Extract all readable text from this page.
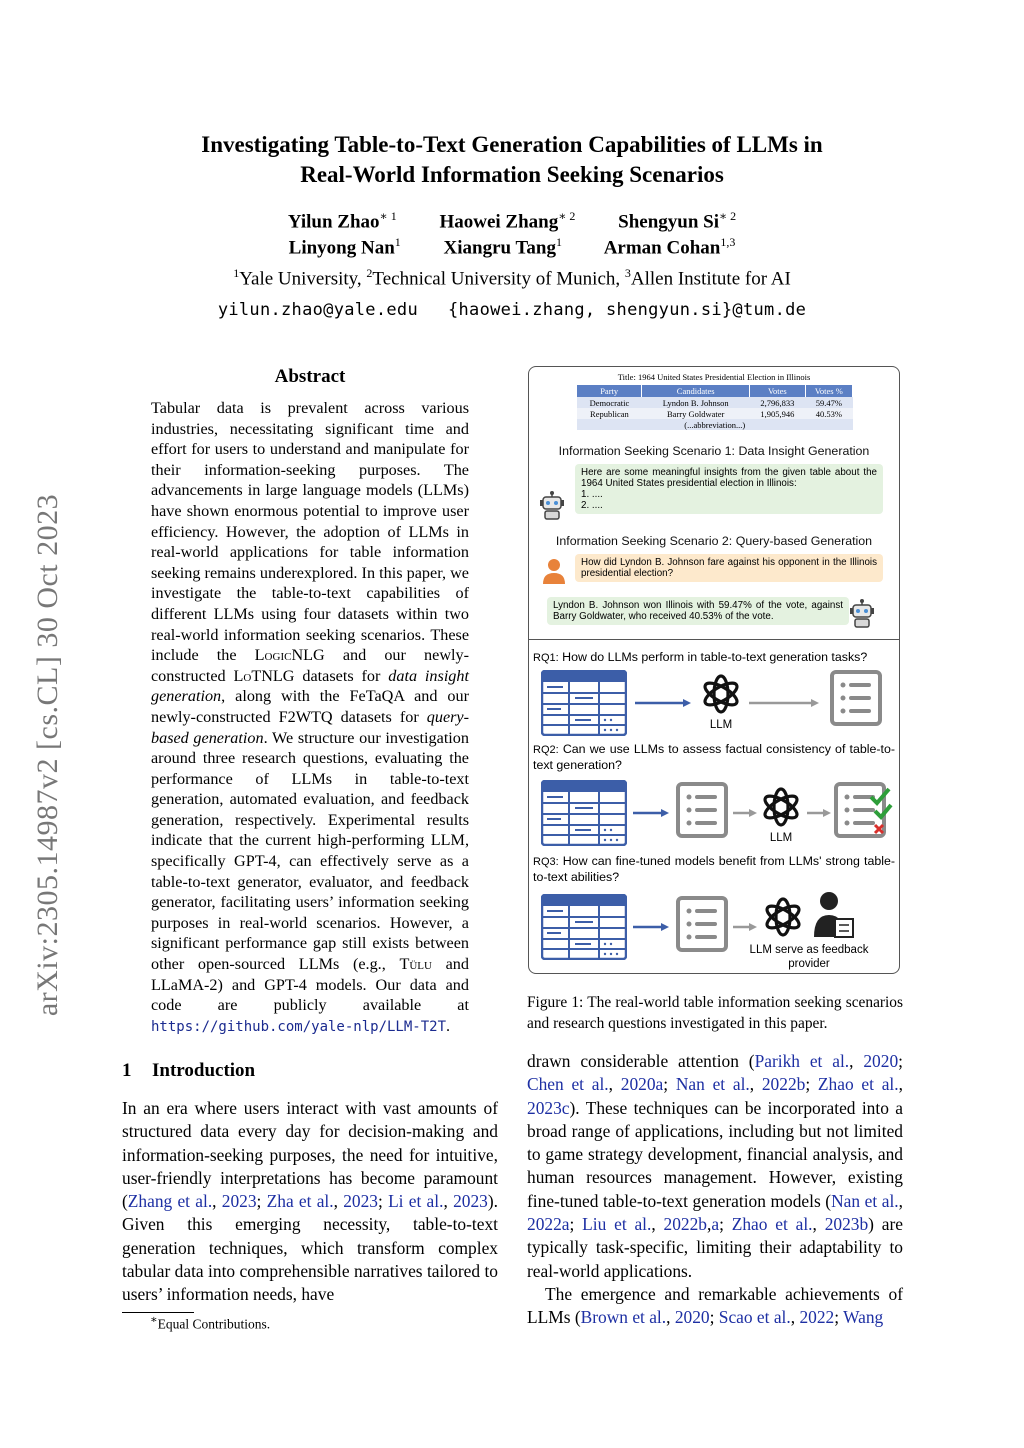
arXiv:2305.14987v2 [cs.CL] 30 Oct 2023
Investigating Table-to-Text Generation Capabilities of LLMs in
Real-World Information Seeking Scenarios
Yilun Zhao$^{∗ 1}$ Haowei Zhang$^{∗ 2}$ Shengyun $Si^{∗ 2}$
Linyong Nan$^1$ Xiangru Tang$^1$ Arman Cohan$^{1,3}$
$^1$Yale University, $^2$Technical University of Munich, $^3$Allen Institute for AI
yilun.zhao@yale.edu {haowei.zhang, shengyun.si}@tum.de
Abstract
Tabular data is prevalent across various industries, necessitating significant time and effort for users to understand and manipulate for their information-seeking purposes. The advancements in large language models (LLMs) have shown enormous potential to improve user efficiency. However, the adoption of LLMs in real-world applications for table information seeking remains underexplored. In this paper, we investigate the table-to-text capabilities of different LLMs using four datasets within two real-world information seeking scenarios. These include the LogicNLG and our newly-constructed LoTNLG datasets for data insight generation, along with the FeTaQA and our newly-constructed F2WTQ datasets for query-based generation. We structure our investigation around three research questions, evaluating the performance of LLMs in table-to-text generation, automated evaluation, and feedback generation, respectively. Experimental results indicate that the current high-performing LLM, specifically GPT-4, can effectively serve as a table-to-text generator, evaluator, and feedback generator, facilitating users’ information seeking purposes in real-world scenarios. However, a significant performance gap still exists between other open-sourced LLMs (e.g., Tülu and LLaMA-2) and GPT-4 models. Our data and code are publicly available at https://github.com/yale-nlp/LLM-T2T.
1 Introduction
In an era where users interact with vast amounts of structured data every day for decision-making and information-seeking purposes, the need for intuitive, user-friendly interpretations has become paramount (Zhang et al., 2023; Zha et al., 2023; Li et al., 2023). Given this emerging necessity, table-to-text generation techniques, which transform complex tabular data into comprehensible narratives tailored to users’ information needs, have
∗Equal Contributions.
drawn considerable attention (Parikh et al., 2020; Chen et al., 2020a; Nan et al., 2022b; Zhao et al., 2023c). These techniques can be incorporated into a broad range of applications, including but not limited to game strategy development, financial analysis, and human resources management. However, existing fine-tuned table-to-text generation models (Nan et al., 2022a; Liu et al., 2022b,a; Zhao et al., 2023b) are typically task-specific, limiting their adaptability to real-world applications.
The emergence and remarkable achievements of LLMs (Brown et al., 2020; Scao et al., 2022; Wang
Figure 1: The real-world table information seeking scenarios and research questions investigated in this paper.
Title: 1964 United States Presidential Election in Illinois
Party	Candidates	Votes	Votes %
Democratic	Lyndon B. Johnson	2,796,833	59.47%
Republican	Barry Goldwater	1,905,946	40.53%
(...abbreviation...)			
Information Seeking Scenario 1: Data Insight Generation
Here are some meaningful insights from the given table about the 1964 United States presidential election in Illinois:
1. ....
2. ....
Information Seeking Scenario 2: Query-based Generation
How did Lyndon B. Johnson fare against his opponent in the Illinois presidential election?
Lyndon B. Johnson won Illinois with 59.47% of the vote, against Barry Goldwater, who received 40.53% of the vote.
RQ1: How do LLMs perform in table-to-text generation tasks?
LLM
RQ2: Can we use LLMs to assess factual consistency of table-to-text generation?
LLM
RQ3: How can fine-tuned models benefit from LLMs' strong table-to-text abilities?
LLM serve as feedback provider
